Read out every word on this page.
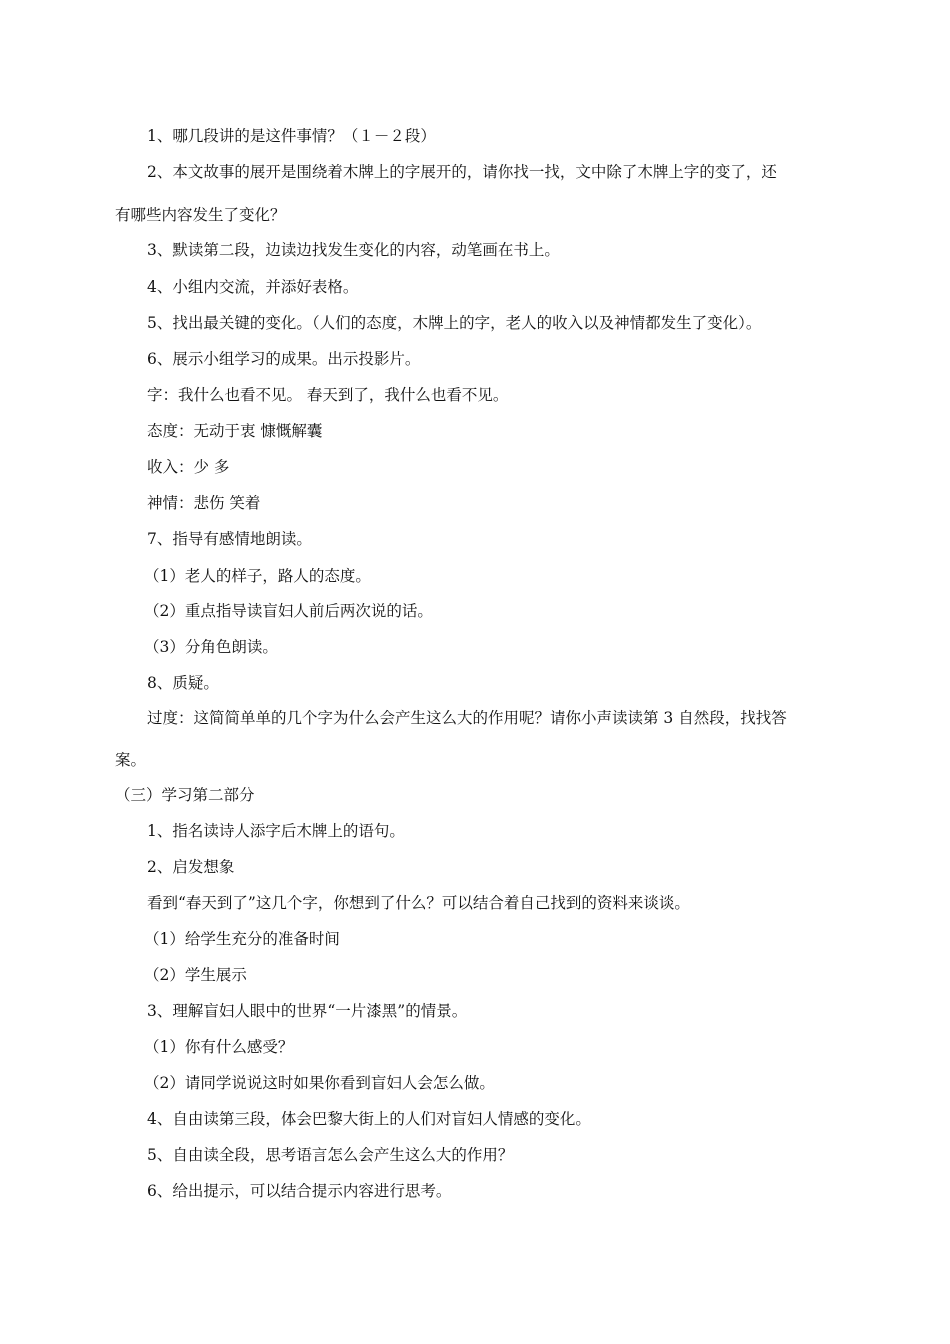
1、哪几段讲的是这件事情？（１－２段）
2、本文故事的展开是围绕着木牌上的字展开的，请你找一找，文中除了木牌上字的变了，还
有哪些内容发生了变化？
3、默读第二段，边读边找发生变化的内容，动笔画在书上。
4、小组内交流，并添好表格。
5、找出最关键的变化。（人们的态度，木牌上的字，老人的收入以及神情都发生了变化）。
6、展示小组学习的成果。出示投影片。
字：我什么也看不见。 春天到了，我什么也看不见。
态度：无动于衷 慷慨解囊
收入：少 多
神情：悲伤 笑着
7、指导有感情地朗读。
（1）老人的样子，路人的态度。
（2）重点指导读盲妇人前后两次说的话。
（3）分角色朗读。
8、质疑。
过度：这简简单单的几个字为什么会产生这么大的作用呢？请你小声读读第 3 自然段，找找答
案。
（三）学习第二部分
1、指名读诗人添字后木牌上的语句。
2、启发想象
看到“春天到了”这几个字，你想到了什么？可以结合着自己找到的资料来谈谈。
（1）给学生充分的准备时间
（2）学生展示
3、理解盲妇人眼中的世界“一片漆黑”的情景。
（1）你有什么感受？
（2）请同学说说这时如果你看到盲妇人会怎么做。
4、自由读第三段，体会巴黎大街上的人们对盲妇人情感的变化。
5、自由读全段，思考语言怎么会产生这么大的作用？
6、给出提示，可以结合提示内容进行思考。
